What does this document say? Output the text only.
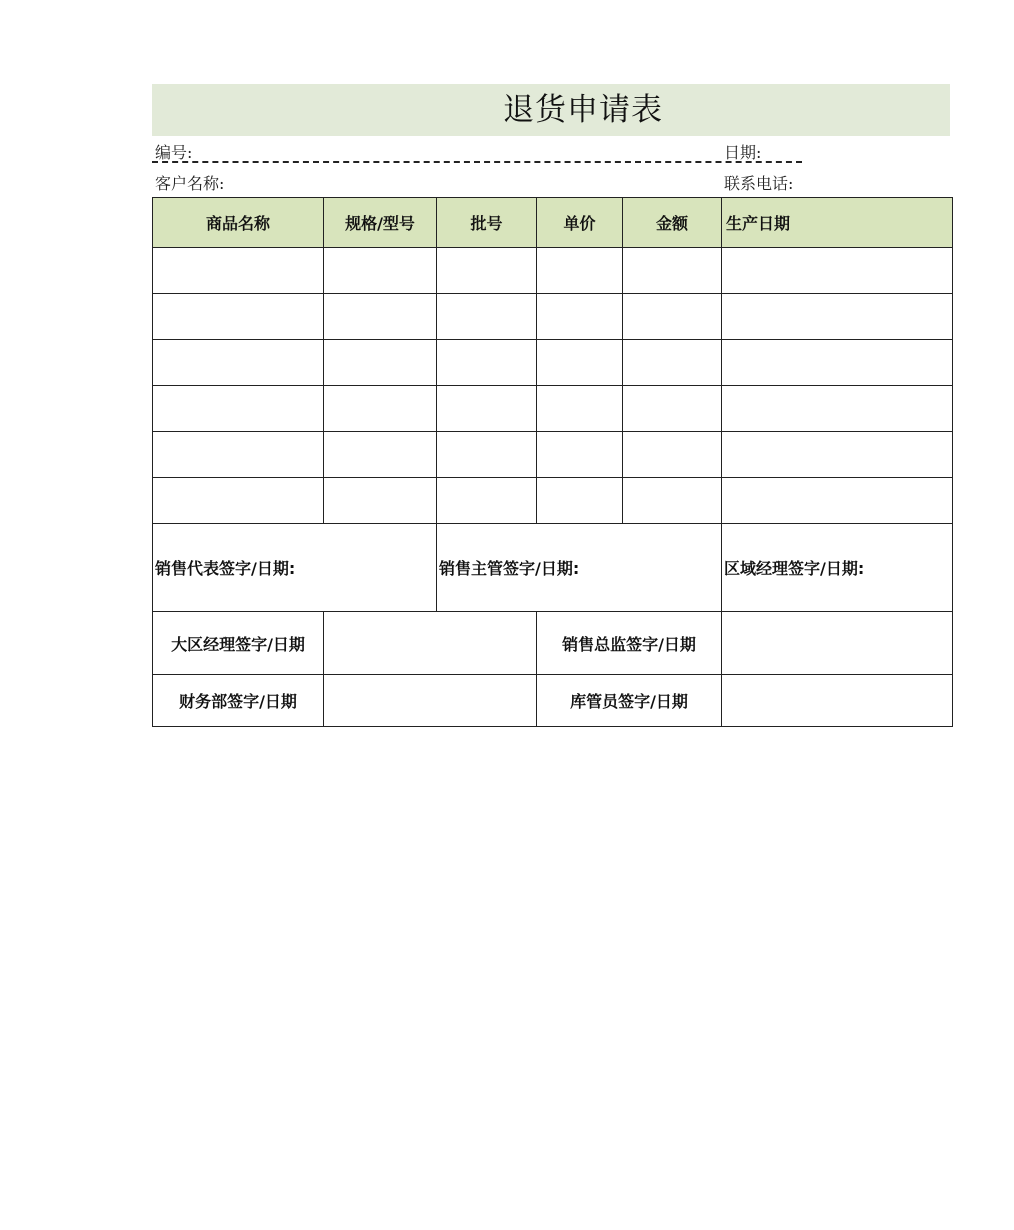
退货申请表
编号:	日期:
客户名称:	联系电话:
商品名称	规格/型号	批号	单价	金额	生产日期

销售代表签字/日期:		销售主管签字/日期:			区域经理签字/日期:
大区经理签字/日期			销售总监签字/日期		
财务部签字/日期			库管员签字/日期		
